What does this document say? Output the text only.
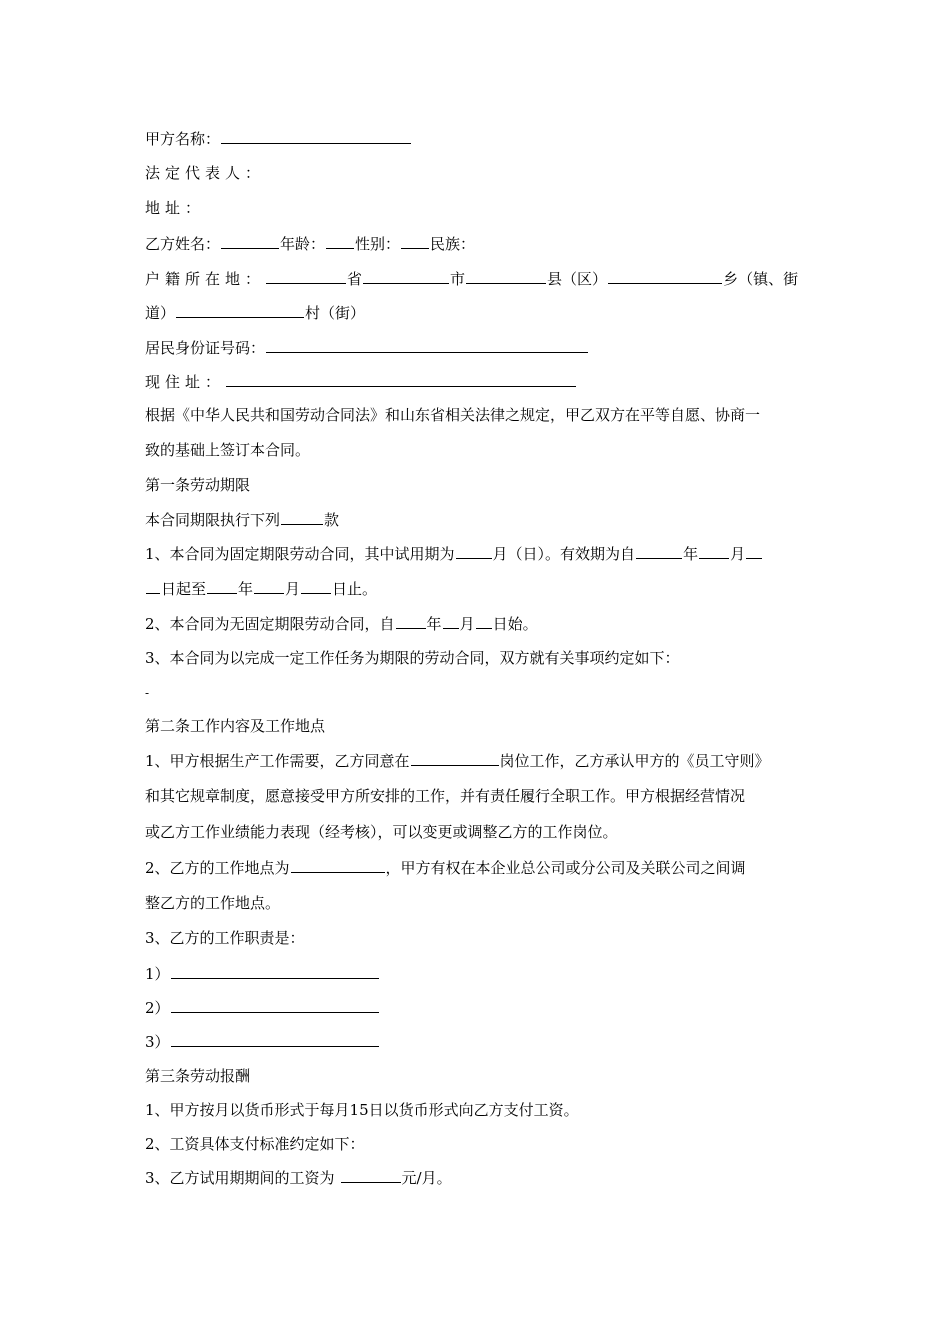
甲方名称：
法定代表人：
地址：
乙方姓名：	年龄： 性别： 民族：
户籍所在地：	省	市	县（区）	乡（镇、街
道）	村（街）
居民身份证号码：
现住址：
根据《中华人民共和国劳动合同法》和山东省相关法律之规定，甲乙双方在平等自愿、协商一
致的基础上签订本合同。
第一条劳动期限
本合同期限执行下列	款
1、本合同为固定期限劳动合同，其中试用期为	月（日）。有效期为自	年 月
日起至 年 月 日止。
2、本合同为无固定期限劳动合同，自 年 月 日始。
3、本合同为以完成一定工作任务为期限的劳动合同，双方就有关事项约定如下：
-
第二条工作内容及工作地点
1、甲方根据生产工作需要，乙方同意在	岗位工作，乙方承认甲方的《员工守则》
和其它规章制度，愿意接受甲方所安排的工作，并有责任履行全职工作。甲方根据经营情况
或乙方工作业绩能力表现（经考核），可以变更或调整乙方的工作岗位。
2、乙方的工作地点为	，甲方有权在本企业总公司或分公司及关联公司之间调
整乙方的工作地点。
3、乙方的工作职责是：
1）
2）
3）
第三条劳动报酬
1、甲方按月以货币形式于每月15日以货币形式向乙方支付工资。
2、工资具体支付标准约定如下：
3、乙方试用期期间的工资为	元/月。
